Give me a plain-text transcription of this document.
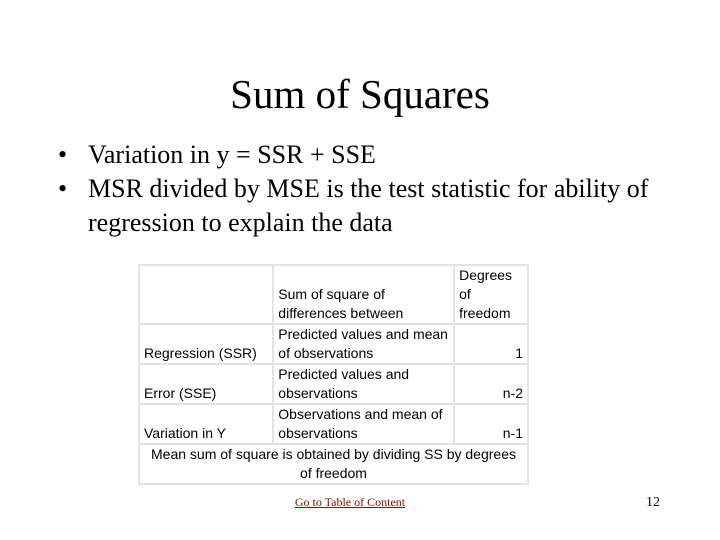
Sum of Squares
• Variation in y = SSR + SSE
• MSR divided by MSE is the test statistic for ability of regression to explain the data
	Sum of square of differences between	Degrees of freedom
Regression (SSR)	Predicted values and mean of observations	1
Error (SSE)	Predicted values and observations	n-2
Variation in Y	Observations and mean of observations	n-1
Mean sum of square is obtained by dividing SS by degrees of freedom		
Go to Table of Content	12
